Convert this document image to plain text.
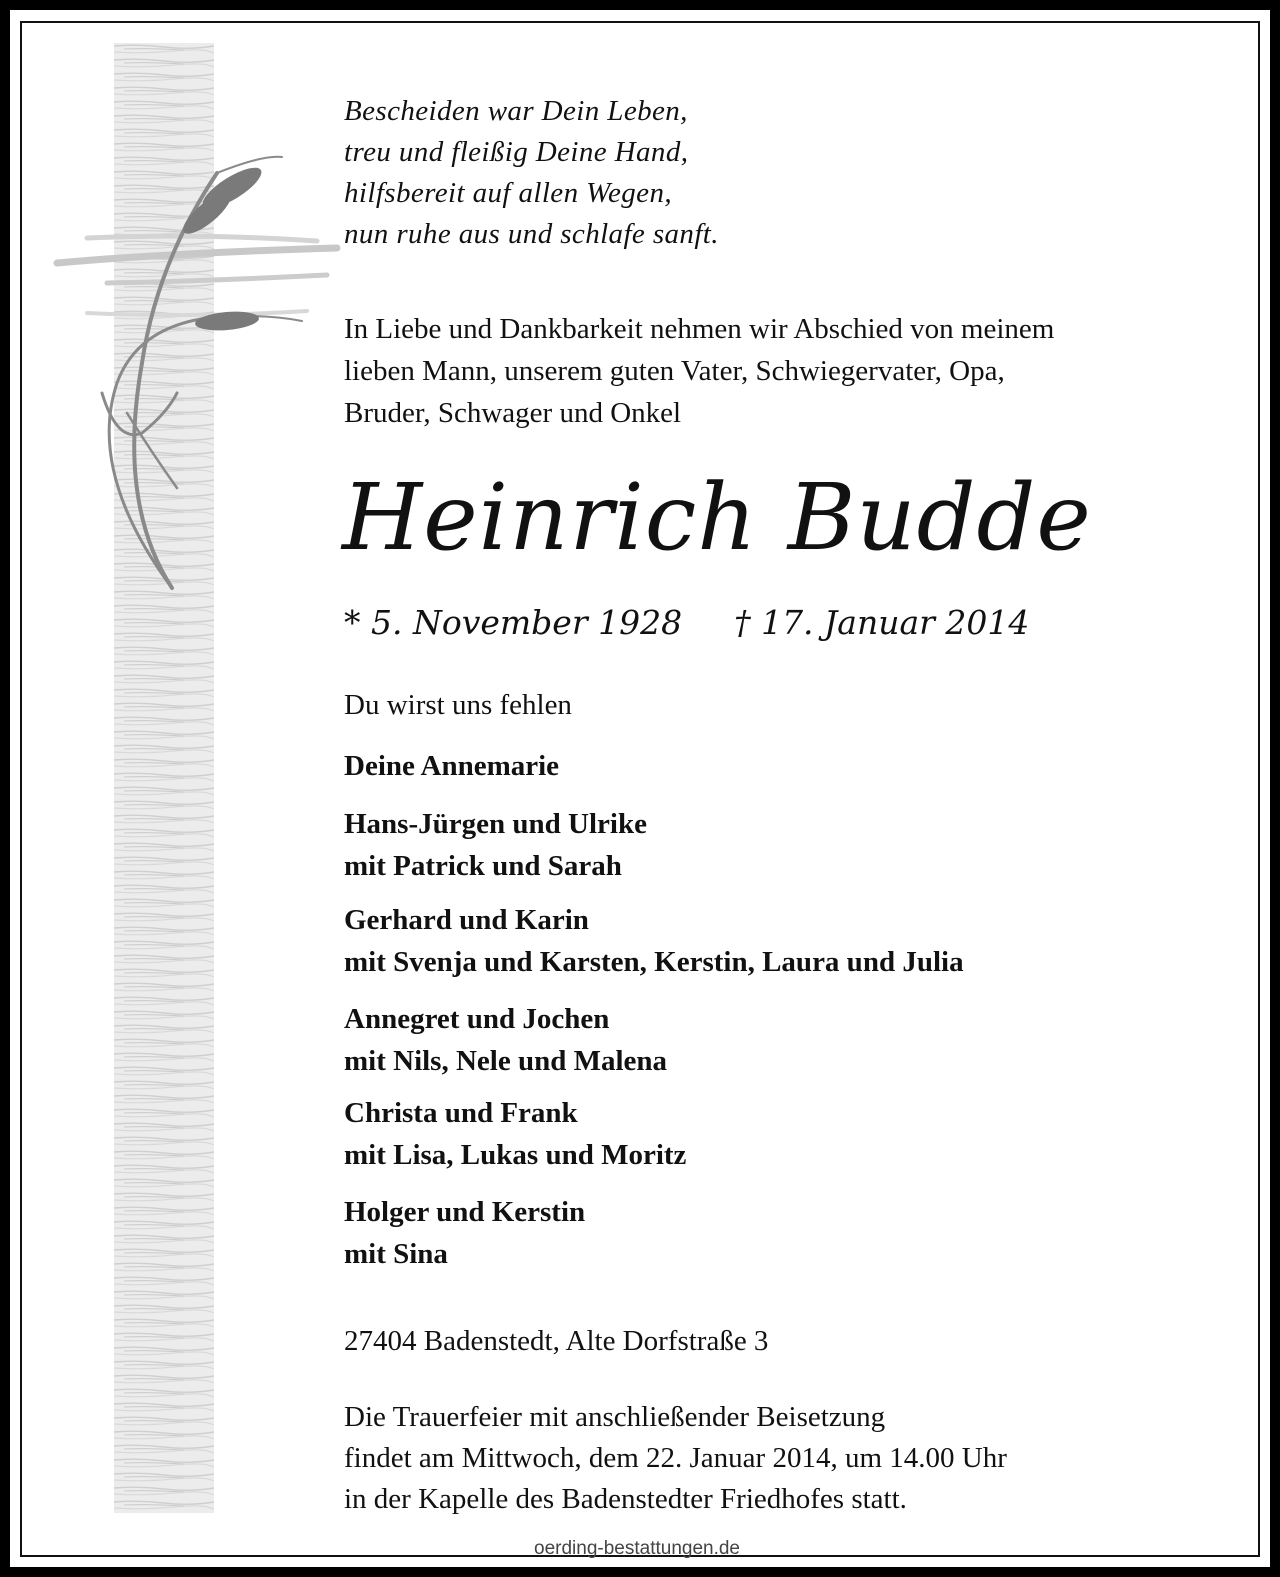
Bescheiden war Dein Leben,
treu und fleißig Deine Hand,
hilfsbereit auf allen Wegen,
nun ruhe aus und schlafe sanft.
In Liebe und Dankbarkeit nehmen wir Abschied von meinem
lieben Mann, unserem guten Vater, Schwiegervater, Opa,
Bruder, Schwager und Onkel
Heinrich Budde
* 5. November 1928 † 17. Januar 2014
Du wirst uns fehlen
Deine Annemarie
Hans-Jürgen und Ulrike
mit Patrick und Sarah
Gerhard und Karin
mit Svenja und Karsten, Kerstin, Laura und Julia
Annegret und Jochen
mit Nils, Nele und Malena
Christa und Frank
mit Lisa, Lukas und Moritz
Holger und Kerstin
mit Sina
27404 Badenstedt, Alte Dorfstraße 3
Die Trauerfeier mit anschließender Beisetzung
findet am Mittwoch, dem 22. Januar 2014, um 14.00 Uhr
in der Kapelle des Badenstedter Friedhofes statt.
oerding-bestattungen.de
